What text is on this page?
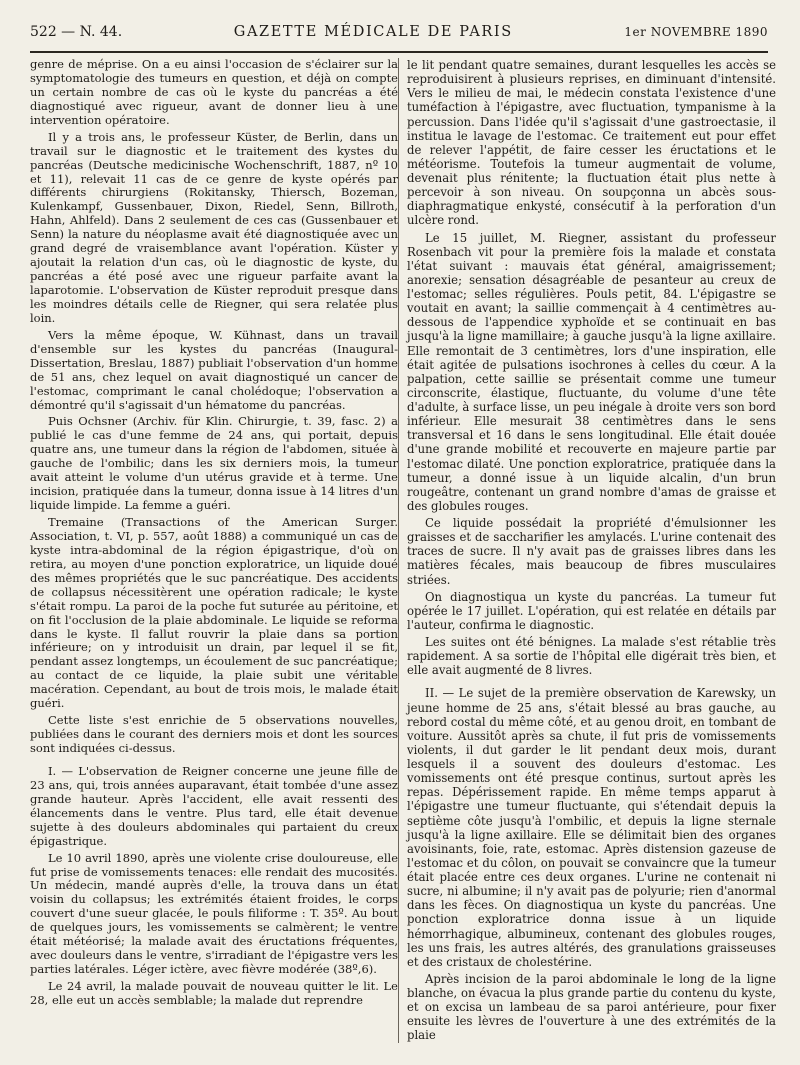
522 — N. 44.	GAZETTE MÉDICALE DE PARIS	1er NOVEMBRE 1890

genre de méprise. On a eu ainsi l'occasion de s'éclairer sur la symptomatologie des tumeurs en question, et déjà on compte un certain nombre de cas où le kyste du pancréas a été diagnostiqué avec rigueur, avant de donner lieu à une intervention opératoire.

Il y a trois ans, le professeur Küster, de Berlin, dans un travail sur le diagnostic et le traitement des kystes du pancréas (Deutsche medicinische Wochenschrift, 1887, nº 10 et 11), relevait 11 cas de ce genre de kyste opérés par différents chirurgiens (Rokitansky, Thiersch, Bozeman, Kulenkampf, Gussenbauer, Dixon, Riedel, Senn, Billroth, Hahn, Ahlfeld). Dans 2 seulement de ces cas (Gussenbauer et Senn) la nature du néoplasme avait été diagnostiquée avec un grand degré de vraisemblance avant l'opération. Küster y ajoutait la relation d'un cas, où le diagnostic de kyste, du pancréas a été posé avec une rigueur parfaite avant la laparotomie. L'observation de Küster reproduit presque dans les moindres détails celle de Riegner, qui sera relatée plus loin.

Vers la même époque, W. Kühnast, dans un travail d'ensemble sur les kystes du pancréas (Inaugural-Dissertation, Breslau, 1887) publiait l'observation d'un homme de 51 ans, chez lequel on avait diagnostiqué un cancer de l'estomac, comprimant le canal cholédoque; l'observation a démontré qu'il s'agissait d'un hématome du pancréas.

Puis Ochsner (Archiv. für Klin. Chirurgie, t. 39, fasc. 2) a publié le cas d'une femme de 24 ans, qui portait, depuis quatre ans, une tumeur dans la région de l'abdomen, située à gauche de l'ombilic; dans les six derniers mois, la tumeur avait atteint le volume d'un utérus gravide et à terme. Une incision, pratiquée dans la tumeur, donna issue à 14 litres d'un liquide limpide. La femme a guéri.

Tremaine (Transactions of the American Surger. Association, t. VI, p. 557, août 1888) a communiqué un cas de kyste intra-abdominal de la région épigastrique, d'où on retira, au moyen d'une ponction exploratrice, un liquide doué des mêmes propriétés que le suc pancréatique. Des accidents de collapsus nécessitèrent une opération radicale; le kyste s'était rompu. La paroi de la poche fut suturée au péritoine, et on fit l'occlusion de la plaie abdominale. Le liquide se reforma dans le kyste. Il fallut rouvrir la plaie dans sa portion inférieure; on y introduisit un drain, par lequel il se fit, pendant assez longtemps, un écoulement de suc pancréatique; au contact de ce liquide, la plaie subit une véritable macération. Cependant, au bout de trois mois, le malade était guéri.

Cette liste s'est enrichie de 5 observations nouvelles, publiées dans le courant des derniers mois et dont les sources sont indiquées ci-dessus.

I. — L'observation de Reigner concerne une jeune fille de 23 ans, qui, trois années auparavant, était tombée d'une assez grande hauteur. Après l'accident, elle avait ressenti des élancements dans le ventre. Plus tard, elle était devenue sujette à des douleurs abdominales qui partaient du creux épigastrique.

Le 10 avril 1890, après une violente crise douloureuse, elle fut prise de vomissements tenaces: elle rendait des mucosités. Un médecin, mandé auprès d'elle, la trouva dans un état voisin du collapsus; les extrémités étaient froides, le corps couvert d'une sueur glacée, le pouls filiforme : T. 35º. Au bout de quelques jours, les vomissements se calmèrent; le ventre était météorisé; la malade avait des éructations fréquentes, avec douleurs dans le ventre, s'irradiant de l'épigastre vers les parties latérales. Léger ictère, avec fièvre modérée (38º,6).

Le 24 avril, la malade pouvait de nouveau quitter le lit. Le 28, elle eut un accès semblable; la malade dut reprendre

le lit pendant quatre semaines, durant lesquelles les accès se reproduisirent à plusieurs reprises, en diminuant d'intensité. Vers le milieu de mai, le médecin constata l'existence d'une tuméfaction à l'épigastre, avec fluctuation, tympanisme à la percussion. Dans l'idée qu'il s'agissait d'une gastroectasie, il institua le lavage de l'estomac. Ce traitement eut pour effet de relever l'appétit, de faire cesser les éructations et le météorisme. Toutefois la tumeur augmentait de volume, devenait plus rénitente; la fluctuation était plus nette à percevoir à son niveau. On soupçonna un abcès sous-diaphragmatique enkysté, consécutif à la perforation d'un ulcère rond.

Le 15 juillet, M. Riegner, assistant du professeur Rosenbach vit pour la première fois la malade et constata l'état suivant : mauvais état général, amaigrissement; anorexie; sensation désagréable de pesanteur au creux de l'estomac; selles régulières. Pouls petit, 84. L'épigastre se voutait en avant; la saillie commençait à 4 centimètres au-dessous de l'appendice xyphoïde et se continuait en bas jusqu'à la ligne mamillaire; à gauche jusqu'à la ligne axillaire. Elle remontait de 3 centimètres, lors d'une inspiration, elle était agitée de pulsations isochrones à celles du cœur. A la palpation, cette saillie se présentait comme une tumeur circonscrite, élastique, fluctuante, du volume d'une tête d'adulte, à surface lisse, un peu inégale à droite vers son bord inférieur. Elle mesurait 38 centimètres dans le sens transversal et 16 dans le sens longitudinal. Elle était douée d'une grande mobilité et recouverte en majeure partie par l'estomac dilaté. Une ponction exploratrice, pratiquée dans la tumeur, a donné issue à un liquide alcalin, d'un brun rougeâtre, contenant un grand nombre d'amas de graisse et des globules rouges.

Ce liquide possédait la propriété d'émulsionner les graisses et de saccharifier les amylacés. L'urine contenait des traces de sucre. Il n'y avait pas de graisses libres dans les matières fécales, mais beaucoup de fibres musculaires striées.

On diagnostiqua un kyste du pancréas. La tumeur fut opérée le 17 juillet. L'opération, qui est relatée en détails par l'auteur, confirma le diagnostic.

Les suites ont été bénignes. La malade s'est rétablie très rapidement. A sa sortie de l'hôpital elle digérait très bien, et elle avait augmenté de 8 livres.

II. — Le sujet de la première observation de Karewsky, un jeune homme de 25 ans, s'était blessé au bras gauche, au rebord costal du même côté, et au genou droit, en tombant de voiture. Aussitôt après sa chute, il fut pris de vomissements violents, il dut garder le lit pendant deux mois, durant lesquels il a souvent des douleurs d'estomac. Les vomissements ont été presque continus, surtout après les repas. Dépérissement rapide. En même temps apparut à l'épigastre une tumeur fluctuante, qui s'étendait depuis la septième côte jusqu'à l'ombilic, et depuis la ligne sternale jusqu'à la ligne axillaire. Elle se délimitait bien des organes avoisinants, foie, rate, estomac. Après distension gazeuse de l'estomac et du côlon, on pouvait se convaincre que la tumeur était placée entre ces deux organes. L'urine ne contenait ni sucre, ni albumine; il n'y avait pas de polyurie; rien d'anormal dans les fèces. On diagnostiqua un kyste du pancréas. Une ponction exploratrice donna issue à un liquide hémorrhagique, albumineux, contenant des globules rouges, les uns frais, les autres altérés, des granulations graisseuses et des cristaux de cholestérine.

Après incision de la paroi abdominale le long de la ligne blanche, on évacua la plus grande partie du contenu du kyste, et on excisa un lambeau de sa paroi antérieure, pour fixer ensuite les lèvres de l'ouverture à une des extrémités de la plaie
